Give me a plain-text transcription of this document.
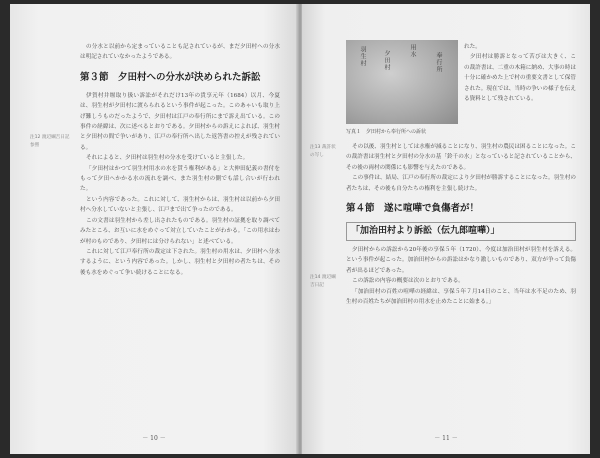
の分水と以前から定まっていることも記されているが、まだ夕田村への分水は明記されていなかったようである。

第３節　夕田村への分水が決められた訴訟

伊賀村井堰取り扱い訴訟がそれだけ13年の貴享元年（1684）以月、今夏は、羽生村が夕田村に渡らられるという事件が起こった。このあゃいも取り上げ難しうものだったようで、夕田村は江戸の奉行所にまで訴え出ている。この事件の経緯は、次に述べるとおりである。夕田村からの訴えによれば、羽生村と夕田村の間で争いがあり、江戸の奉行所へ出した返答書の控えが残されている。

それによると、夕田村は羽生村の分水を受けていると主張した。

「夕田村はかつて羽生村用水の水を貰う権利がある」と大伸田紀義の書付をもって夕田へかかる水の流れを調べ、また羽生村の側でも話し合いが行われた。

という内容であった。これに対して、羽生村からは、羽生村は以前から夕田村へ分水していないと主張し、江戸まで出て争ったのである。

この文書は羽生村から差し出されたものである。羽生村の証拠を取り調べてみたところ、お互いに水をめぐって対立していたことがわかる。「この用水はわが村のものであり、夕田村には分けられない」と述べている。

これに対して江戸奉行所の裁定は下された。羽生村の用水は、夕田村へ分水するように、という内容であった。しかし、羽生村と夕田村の者たちは、その後も水をめぐって争い続けることになる。

注12 渡辺綱吉日記 参照
－ 10 －
羽生村	夕田村	用水
奉行所
写真１　夕田村から奉行所への訴状
れた。
夕田村は勝訴となって苦びは大きく、この裁許書は、二重の木箱に納め、大事の時は十分に確かめた上で村の重要文書として保管された。現在では、当時の争いの様子を伝える資料として残されている。

その以後、羽生村としては水権が減ることになり、羽生村の農民は困ることになった。この裁許書は羽生村と夕田村の分水の基「鈴千の水」となっていると記されていることから、その後の両村の関係にも影響を与えたのである。

この事件は、結局、江戸の奉行所の裁定により夕田村が勝訴することになった。羽生村の者たちは、その後も自分たちの権利を主張し続けた。

第４節　遂に喧嘩で負傷者が！
「加治田村より訴訟（伝九郎喧嘩）」

夕田村からの訴訟から20年後の享保５年（1720）、今度は加治田村が羽生村を訴える。という事件が起こった。加治田村からの訴訟はかなり激しいものであり、双方が争って負傷者が出るほどであった。

この訴訟の内容の概要は次のとおりである。

「加治田村の百姓の喧嘩の経緯は、享保５年７月14日のこと、当年は水不足のため、羽生村の百姓たちが加治田村の用水を止めたことに始まる。」

注13 裁許状の写し
注14 渡辺綱吉日記
－ 11 －
